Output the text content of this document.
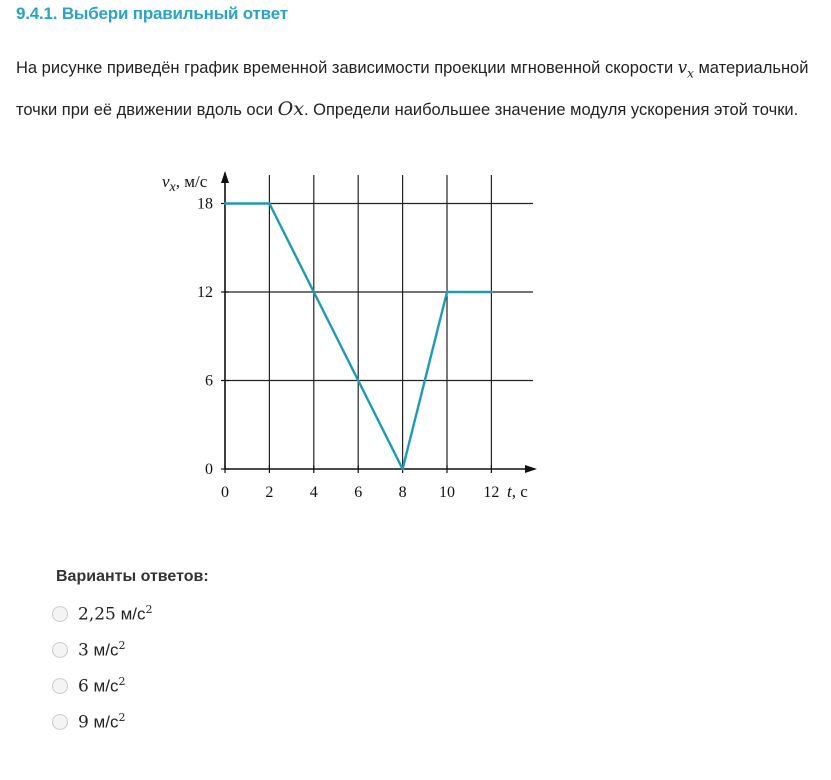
9.4.1. Выбери правильный ответ
На рисунке приведён график временной зависимости проекции мгновенной скорости $v_x$ материальной точки при её движении вдоль оси Ox. Определи наибольшее значение модуля ускорения этой точки.
0 2 4 6 8 10 12
0
6
12
18
$v_x$, м/с
t, с
Варианты ответов:
2,25 $м/с^2$
3 $м/с^2$
6 $м/с^2$
9 $м/с^2$
